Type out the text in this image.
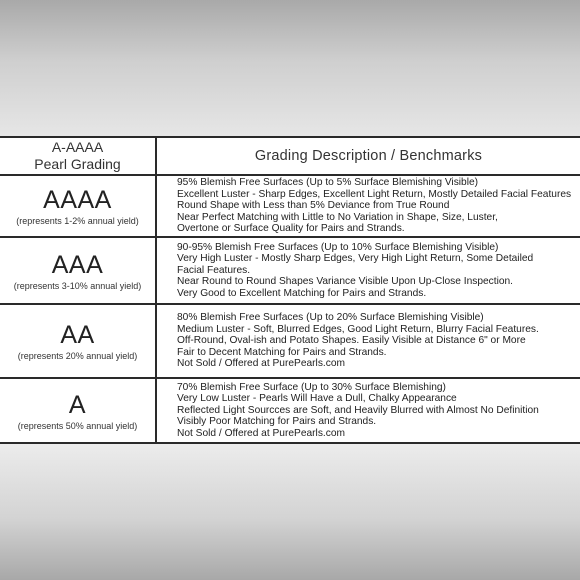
A-AAAA
Pearl Grading	Grading Description / Benchmarks
AAAA
(represents 1-2% annual yield)
95% Blemish Free Surfaces (Up to 5% Surface Blemishing Visible)
Excellent Luster - Sharp Edges, Excellent Light Return, Mostly Detailed Facial Features
Round Shape with Less than 5% Deviance from True Round
Near Perfect Matching with Little to No Variation in Shape, Size, Luster,
Overtone or Surface Quality for Pairs and Strands.
AAA
(represents 3-10% annual yield)
90-95% Blemish Free Surfaces (Up to 10% Surface Blemishing Visible)
Very High Luster - Mostly Sharp Edges, Very High Light Return, Some Detailed
Facial Features.
Near Round to Round Shapes Variance Visible Upon Up-Close Inspection.
Very Good to Excellent Matching for Pairs and Strands.
AA
(represents 20% annual yield)
80% Blemish Free Surfaces (Up to 20% Surface Blemishing Visible)
Medium Luster - Soft, Blurred Edges, Good Light Return, Blurry Facial Features.
Off-Round, Oval-ish and Potato Shapes. Easily Visible at Distance 6" or More
Fair to Decent Matching for Pairs and Strands.
Not Sold / Offered at PurePearls.com
A
(represents 50% annual yield)
70% Blemish Free Surface (Up to 30% Surface Blemishing)
Very Low Luster - Pearls Will Have a Dull, Chalky Appearance
Reflected Light Sourcces are Soft, and Heavily Blurred with Almost No Definition
Visibly Poor Matching for Pairs and Strands.
Not Sold / Offered at PurePearls.com
